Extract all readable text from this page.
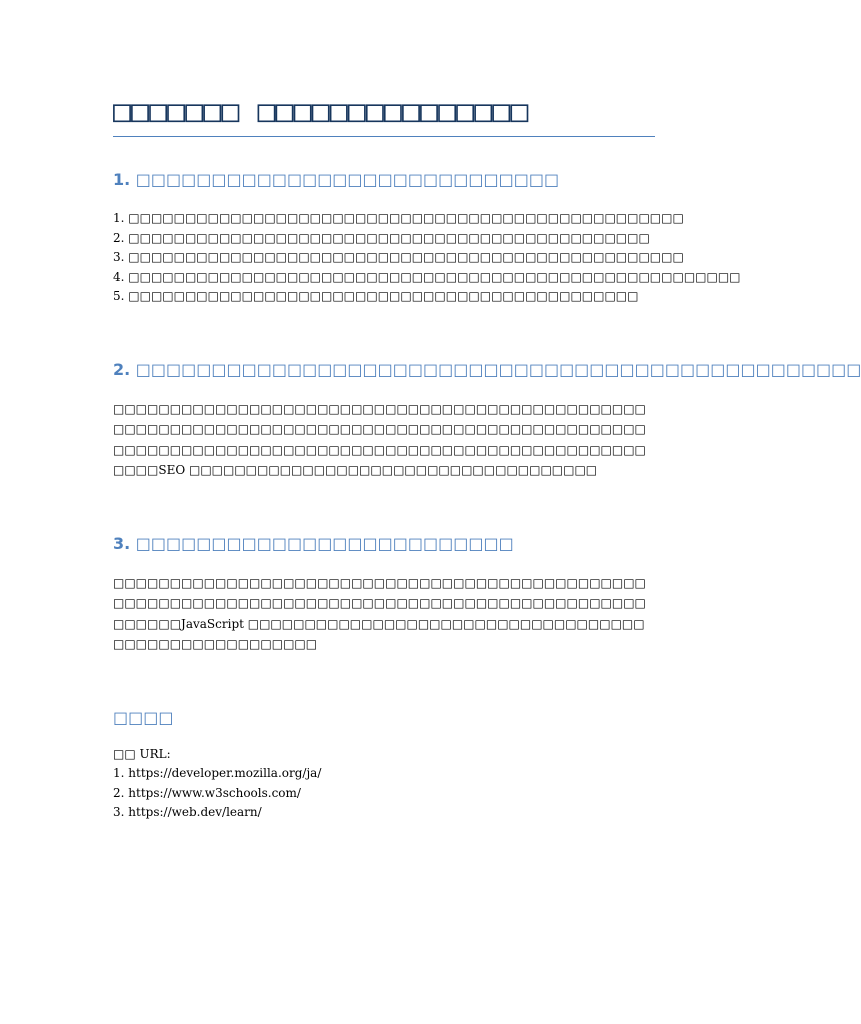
□□□□□□□ □□□□□□□□□□□□□□□
1. □□□□□□□□□□□□□□□□□□□□□□□□□□□□
1. □□□□□□□□□□□□□□□□□□□□□□□□□□□□□□□□□□□□□□□□□□□□□□□□□
2. □□□□□□□□□□□□□□□□□□□□□□□□□□□□□□□□□□□□□□□□□□□□□□
3. □□□□□□□□□□□□□□□□□□□□□□□□□□□□□□□□□□□□□□□□□□□□□□□□□
4. □□□□□□□□□□□□□□□□□□□□□□□□□□□□□□□□□□□□□□□□□□□□□□□□□□□□□□
5. □□□□□□□□□□□□□□□□□□□□□□□□□□□□□□□□□□□□□□□□□□□□□
2. □□□□□□□□□□□□□□□□□□□□□□□□□□□□□□□□□□□□□□□□□□□□□□□□

□□□□□□□□□□□□□□□□□□□□□□□□□□□□□□□□□□□□□□□□□□□□□□□□□□□□□□□□□□□□□□□□□□□□□□□□□□□□□□□□□□□□□□□□□□□□□□□□□□□□□□□□□□□□□□□□□□□□□□□□□□□□□□□□□□□□□□□□□□□□□□□□□SEO □□□□□□□□□□□□□□□□□□□□□□□□□□□□□□□□□□□□

3. □□□□□□□□□□□□□□□□□□□□□□□□□

□□□□□□□□□□□□□□□□□□□□□□□□□□□□□□□□□□□□□□□□□□□□□□□□□□□□□□□□□□□□□□□□□□□□□□□□□□□□□□□□□□□□□□□□□□□□□□□□□□□□JavaScript □□□□□□□□□□□□□□□□□□□□□□□□□□□□□□□□□□□□□□□□□□□□□□□□□□□□□

□□□□
□□ URL:
1. https://developer.mozilla.org/ja/
2. https://www.w3schools.com/
3. https://web.dev/learn/
